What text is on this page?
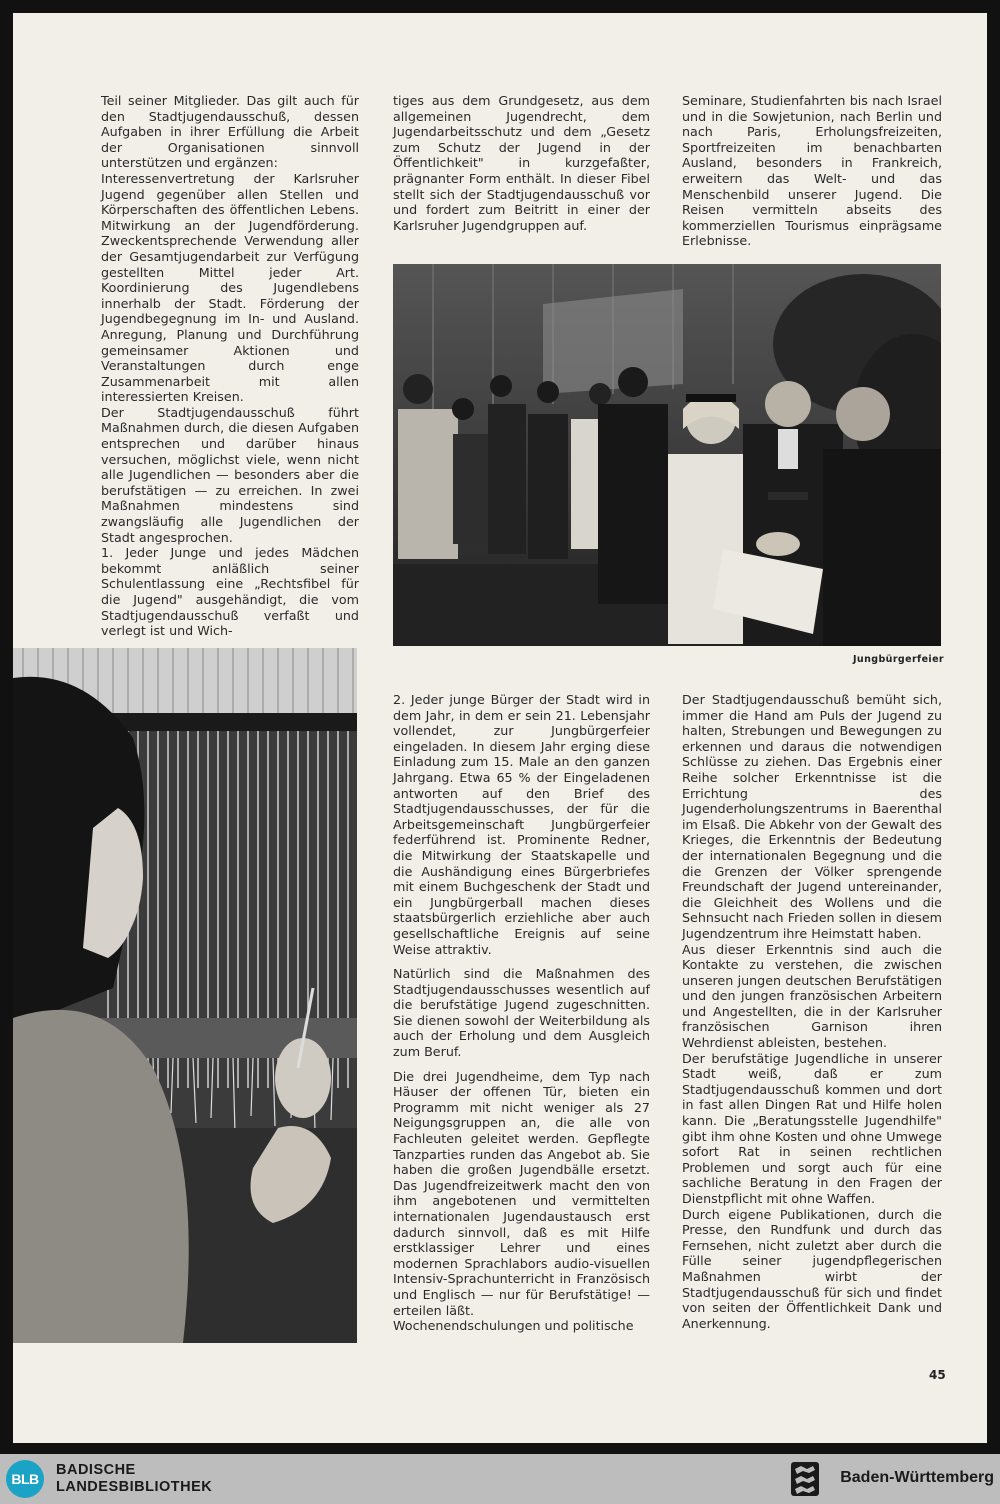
Teil seiner Mitglieder. Das gilt auch für den Stadtjugendausschuß, dessen Aufgaben in ihrer Erfüllung die Arbeit der Organisationen sinnvoll unterstützen und ergänzen:

Interessenvertretung der Karlsruher Jugend gegenüber allen Stellen und Körperschaften des öffentlichen Lebens. Mitwirkung an der Jugendförderung. Zweckentsprechende Verwendung aller der Gesamtjugendarbeit zur Verfügung gestellten Mittel jeder Art. Koordinierung des Jugendlebens innerhalb der Stadt. Förderung der Jugendbegegnung im In- und Ausland. Anregung, Planung und Durchführung gemeinsamer Aktionen und Veranstaltungen durch enge Zusammenarbeit mit allen interessierten Kreisen.

Der Stadtjugendausschuß führt Maßnahmen durch, die diesen Aufgaben entsprechen und darüber hinaus versuchen, möglichst viele, wenn nicht alle Jugendlichen — besonders aber die berufstätigen — zu erreichen. In zwei Maßnahmen mindestens sind zwangsläufig alle Jugendlichen der Stadt angesprochen.

1. Jeder Junge und jedes Mädchen bekommt anläßlich seiner Schulentlassung eine „Rechtsfibel für die Jugend" ausgehändigt, die vom Stadtjugendausschuß verfaßt und verlegt ist und Wich-

tiges aus dem Grundgesetz, aus dem allgemeinen Jugendrecht, dem Jugendarbeitsschutz und dem „Gesetz zum Schutz der Jugend in der Öffentlichkeit" in kurzgefaßter, prägnanter Form enthält. In dieser Fibel stellt sich der Stadtjugendausschuß vor und fordert zum Beitritt in einer der Karlsruher Jugendgruppen auf.

Seminare, Studienfahrten bis nach Israel und in die Sowjetunion, nach Berlin und nach Paris, Erholungsfreizeiten, Sportfreizeiten im benachbarten Ausland, besonders in Frankreich, erweitern das Welt- und das Menschenbild unserer Jugend. Die Reisen vermitteln abseits des kommerziellen Tourismus einprägsame Erlebnisse.

Jungbürgerfeier

2. Jeder junge Bürger der Stadt wird in dem Jahr, in dem er sein 21. Lebensjahr vollendet, zur Jungbürgerfeier eingeladen. In diesem Jahr erging diese Einladung zum 15. Male an den ganzen Jahrgang. Etwa 65 % der Eingeladenen antworten auf den Brief des Stadtjugendausschusses, der für die Arbeitsgemeinschaft Jungbürgerfeier federführend ist. Prominente Redner, die Mitwirkung der Staatskapelle und die Aushändigung eines Bürgerbriefes mit einem Buchgeschenk der Stadt und ein Jungbürgerball machen dieses staatsbürgerlich erziehliche aber auch gesellschaftliche Ereignis auf seine Weise attraktiv.

Natürlich sind die Maßnahmen des Stadtjugendausschusses wesentlich auf die berufstätige Jugend zugeschnitten. Sie dienen sowohl der Weiterbildung als auch der Erholung und dem Ausgleich zum Beruf.

Die drei Jugendheime, dem Typ nach Häuser der offenen Tür, bieten ein Programm mit nicht weniger als 27 Neigungsgruppen an, die alle von Fachleuten geleitet werden. Gepflegte Tanzparties runden das Angebot ab. Sie haben die großen Jugendbälle ersetzt. Das Jugendfreizeitwerk macht den von ihm angebotenen und vermittelten internationalen Jugendaustausch erst dadurch sinnvoll, daß es mit Hilfe erstklassiger Lehrer und eines modernen Sprachlabors audio-visuellen Intensiv-Sprachunterricht in Französisch und Englisch — nur für Berufstätige! — erteilen läßt.

Wochenendschulungen und politische

Der Stadtjugendausschuß bemüht sich, immer die Hand am Puls der Jugend zu halten, Strebungen und Bewegungen zu erkennen und daraus die notwendigen Schlüsse zu ziehen. Das Ergebnis einer Reihe solcher Erkenntnisse ist die Errichtung des Jugenderholungszentrums in Baerenthal im Elsaß. Die Abkehr von der Gewalt des Krieges, die Erkenntnis der Bedeutung der internationalen Begegnung und die die Grenzen der Völker sprengende Freundschaft der Jugend untereinander, die Gleichheit des Wollens und die Sehnsucht nach Frieden sollen in diesem Jugendzentrum ihre Heimstatt haben.

Aus dieser Erkenntnis sind auch die Kontakte zu verstehen, die zwischen unseren jungen deutschen Berufstätigen und den jungen französischen Arbeitern und Angestellten, die in der Karlsruher französischen Garnison ihren Wehrdienst ableisten, bestehen.

Der berufstätige Jugendliche in unserer Stadt weiß, daß er zum Stadtjugendausschuß kommen und dort in fast allen Dingen Rat und Hilfe holen kann. Die „Beratungsstelle Jugendhilfe" gibt ihm ohne Kosten und ohne Umwege sofort Rat in seinen rechtlichen Problemen und sorgt auch für eine sachliche Beratung in den Fragen der Dienstpflicht mit ohne Waffen.

Durch eigene Publikationen, durch die Presse, den Rundfunk und durch das Fernsehen, nicht zuletzt aber durch die Fülle seiner jugendpflegerischen Maßnahmen wirbt der Stadtjugendausschuß für sich und findet von seiten der Öffentlichkeit Dank und Anerkennung.

45
BLB
BADISCHE
LANDESBIBLIOTHEK
Baden-Württemberg
